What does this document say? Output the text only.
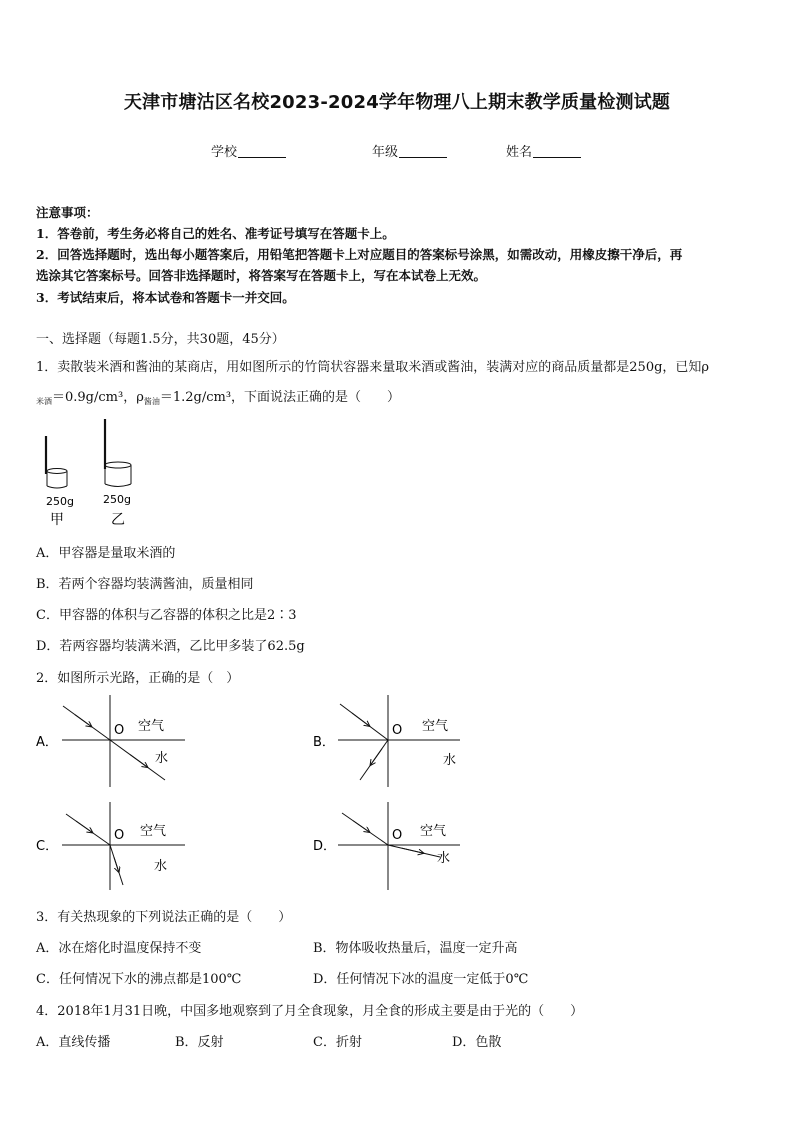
天津市塘沽区名校2023-2024学年物理八上期末教学质量检测试题
学校	年级	姓名
注意事项：
1．答卷前，考生务必将自己的姓名、准考证号填写在答题卡上。
2．回答选择题时，选出每小题答案后，用铅笔把答题卡上对应题目的答案标号涂黑，如需改动，用橡皮擦干净后，再
选涂其它答案标号。回答非选择题时，将答案写在答题卡上，写在本试卷上无效。
3．考试结束后，将本试卷和答题卡一并交回。
一、选择题（每题1.5分，共30题，45分）
1．卖散装米酒和酱油的某商店，用如图所示的竹筒状容器来量取米酒或酱油，装满对应的商品质量都是250g，已知ρ
$_{米酒}$＝0.9g/cm³，$\rho_{酱油}=1.2g$/cm³，下面说法正确的是（　　）
250g	250g
甲	乙
A．甲容器是量取米酒的
B．若两个容器均装满酱油，质量相同
C．甲容器的体积与乙容器的体积之比是2∶3
D．若两容器均装满米酒，乙比甲多装了62.5g
2．如图所示光路，正确的是（　）
A．
O 空气
水
B．
O 空气
水
C．
O 空气
水
D．
O 空气
水
3．有关热现象的下列说法正确的是（　　）
A．冰在熔化时温度保持不变	B．物体吸收热量后，温度一定升高
C．任何情况下水的沸点都是100℃	D．任何情况下冰的温度一定低于0℃
4．2018年1月31日晚，中国多地观察到了月全食现象，月全食的形成主要是由于光的（　　）
A．直线传播	B．反射	C．折射	D．色散
